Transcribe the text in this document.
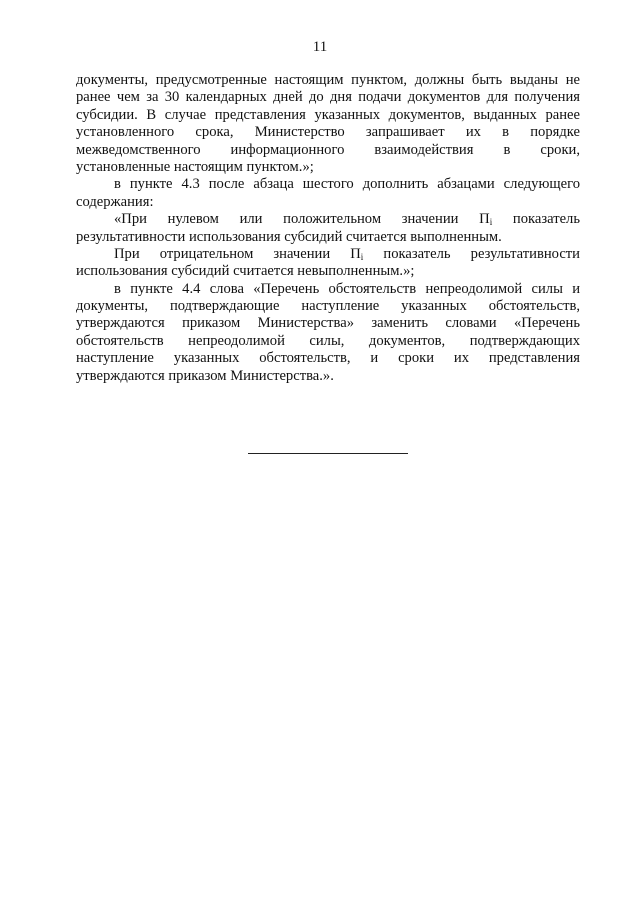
11
документы, предусмотренные настоящим пунктом, должны быть выданы не
ранее чем за 30 календарных дней до дня подачи документов для получения
субсидии. В случае представления указанных документов, выданных ранее
установленного срока, Министерство запрашивает их в порядке
межведомственного информационного взаимодействия в сроки,
установленные настоящим пунктом.»;
в пункте 4.3 после абзаца шестого дополнить абзацами следующего
содержания:
«При нулевом или положительном значении $П_i$ показатель
результативности использования субсидий считается выполненным.
При отрицательном значении $П_i$ показатель результативности
использования субсидий считается невыполненным.»;
в пункте 4.4 слова «Перечень обстоятельств непреодолимой силы и
документы, подтверждающие наступление указанных обстоятельств,
утверждаются приказом Министерства» заменить словами «Перечень
обстоятельств непреодолимой силы, документов, подтверждающих
наступление указанных обстоятельств, и сроки их представления
утверждаются приказом Министерства.».
